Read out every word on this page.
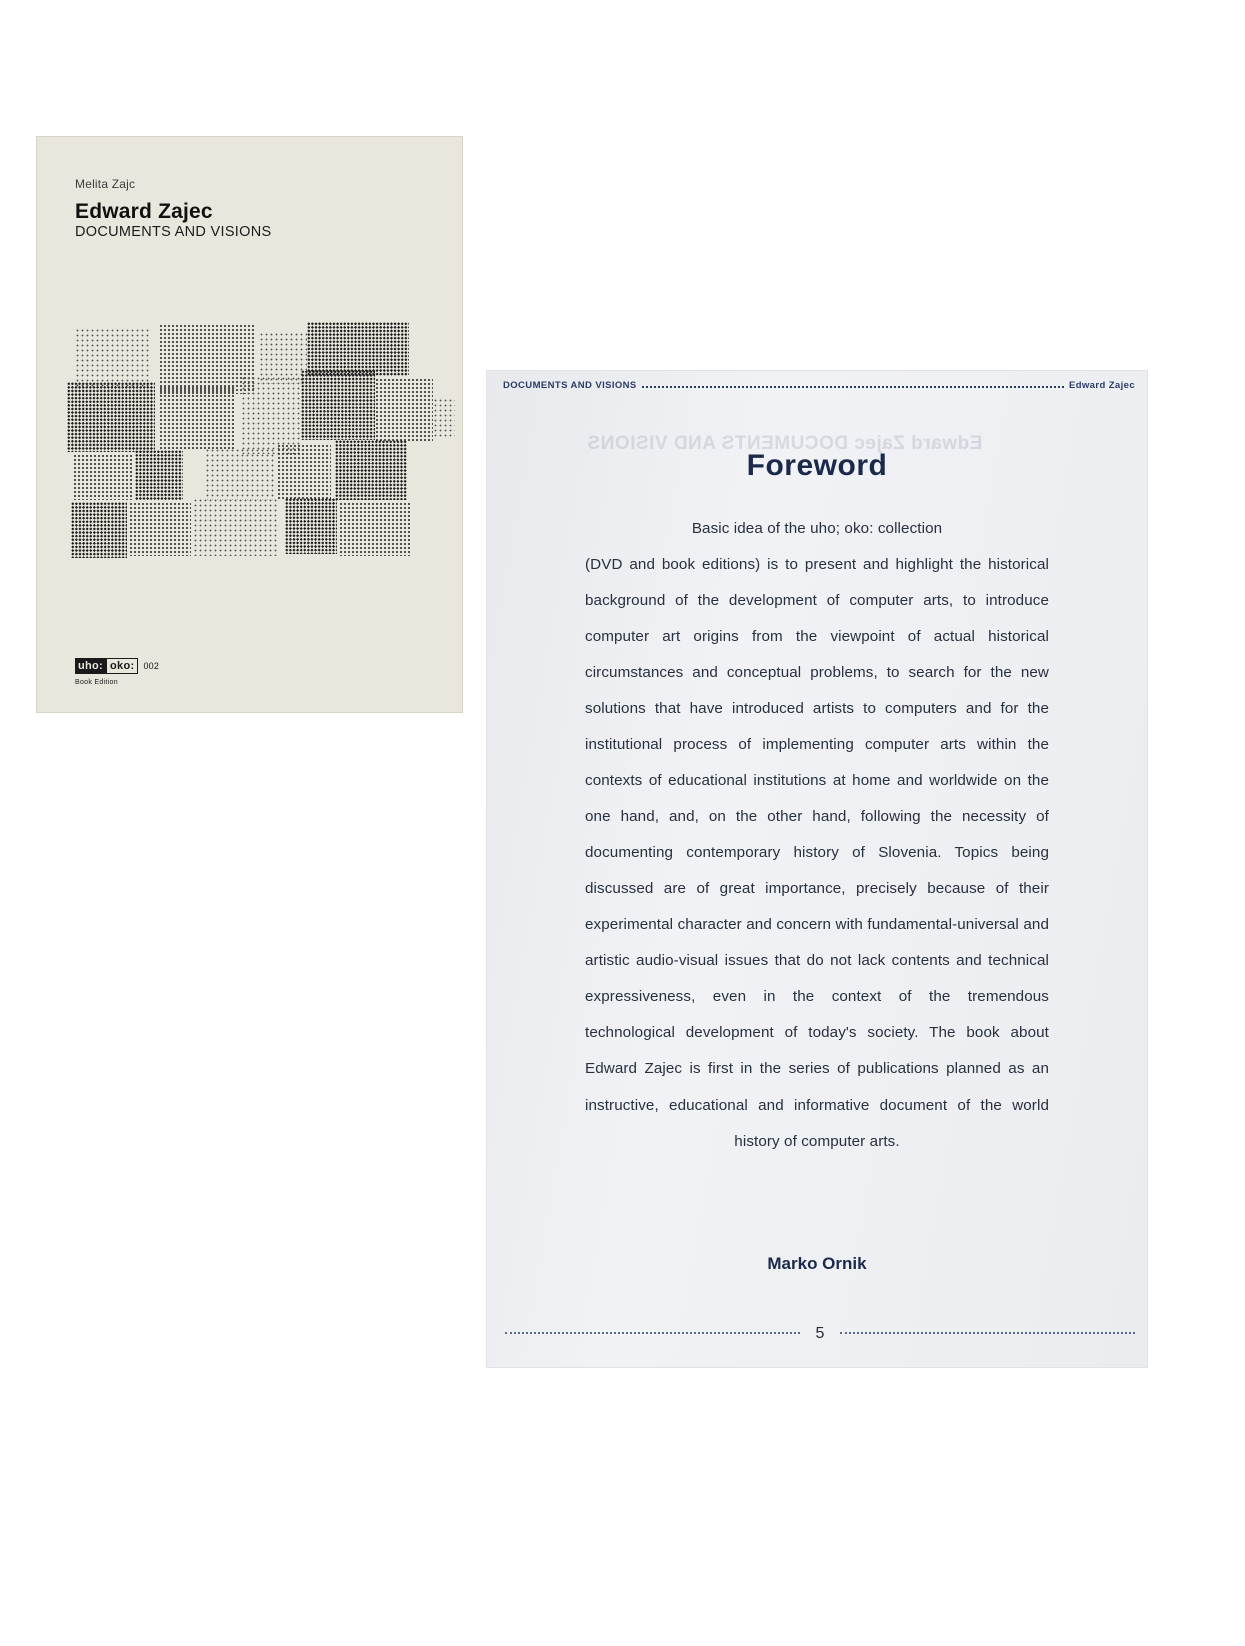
Melita Zajc
Edward Zajec
DOCUMENTS AND VISIONS
uho: oko:	002
Book Edition
DOCUMENTS AND VISIONS	Edward Zajec
Edward Zajec DOCUMENTS AND VISIONS
Foreword
Basic idea of the uho; oko: collection
(DVD and book editions) is to present and highlight the historical background of the development of computer arts, to introduce computer art origins from the viewpoint of actual historical circumstances and conceptual problems, to search for the new solutions that have introduced artists to computers and for the institutional process of implementing computer arts within the contexts of educational institutions at home and worldwide on the one hand, and, on the other hand, following the necessity of documenting contemporary history of Slovenia. Topics being discussed are of great importance, precisely because of their experimental character and concern with fundamental-universal and artistic audio-visual issues that do not lack contents and technical expressiveness, even in the context of the tremendous technological development of today's society. The book about Edward Zajec is first in the series of publications planned as an instructive, educational and informative document of the world history of computer arts.
Marko Ornik
5
